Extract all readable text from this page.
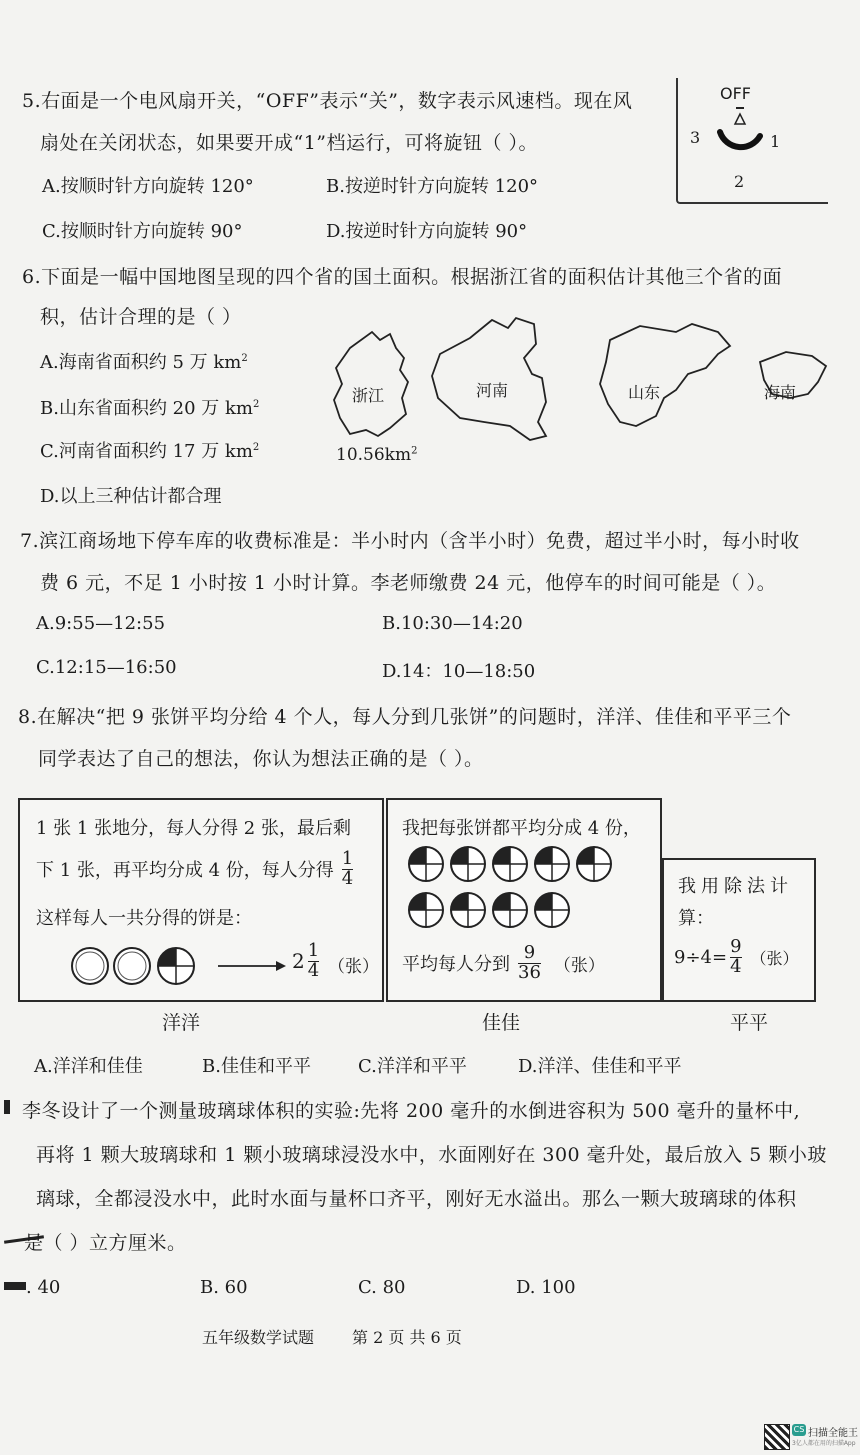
5.右面是一个电风扇开关，“OFF”表示“关”，数字表示风速档。现在风
扇处在关闭状态，如果要开成“1”档运行，可将旋钮（ ）。
A.按顺时针方向旋转 120°	B.按逆时针方向旋转 120°
C.按顺时针方向旋转 90°	D.按逆时针方向旋转 90°
OFF
3	1
2
6.下面是一幅中国地图呈现的四个省的国土面积。根据浙江省的面积估计其他三个省的面
积，估计合理的是（ ）
A.海南省面积约 5 万 $km^2$
B.山东省面积约 20 万 $km^2$
C.河南省面积约 17 万 $km^2$
D.以上三种估计都合理
浙江	河南	山东	海南
$10.56km^2$
7.滨江商场地下停车库的收费标准是：半小时内（含半小时）免费，超过半小时，每小时收
费 6 元，不足 1 小时按 1 小时计算。李老师缴费 24 元，他停车的时间可能是（ ）。
A.9:55—12:55	B.10:30—14:20
C.12:15—16:50	D.14：10—18:50
8.在解决“把 9 张饼平均分给 4 个人，每人分到几张饼”的问题时，洋洋、佳佳和平平三个
同学表达了自己的想法，你认为想法正确的是（ ）。
1 张 1 张地分，每人分得 2 张，最后剩
下 1 张，再平均分成 4 份，每人分得 $\frac{1}{4}$
这样每人一共分得的饼是：
$2 \frac{1}{4}$ （张）
我把每张饼都平均分成 4 份，
平均每人分到 $\frac{9}{36}$ （张）
我用除法计
算：
$9\div 4= \frac{9}{4}$ （张）
洋洋	佳佳	平平
A.洋洋和佳佳	B.佳佳和平平	C.洋洋和平平	D.洋洋、佳佳和平平
李冬设计了一个测量玻璃球体积的实验:先将 200 毫升的水倒进容积为 500 毫升的量杯中,
再将 1 颗大玻璃球和 1 颗小玻璃球浸没水中，水面刚好在 300 毫升处，最后放入 5 颗小玻
璃球，全都浸没水中，此时水面与量杯口齐平，刚好无水溢出。那么一颗大玻璃球的体积
是（ ）立方厘米。
. 40	B. 60	C. 80	D. 100
五年级数学试题 第 2 页 共 6 页
CS 扫描全能王
3亿人都在用的扫描App
